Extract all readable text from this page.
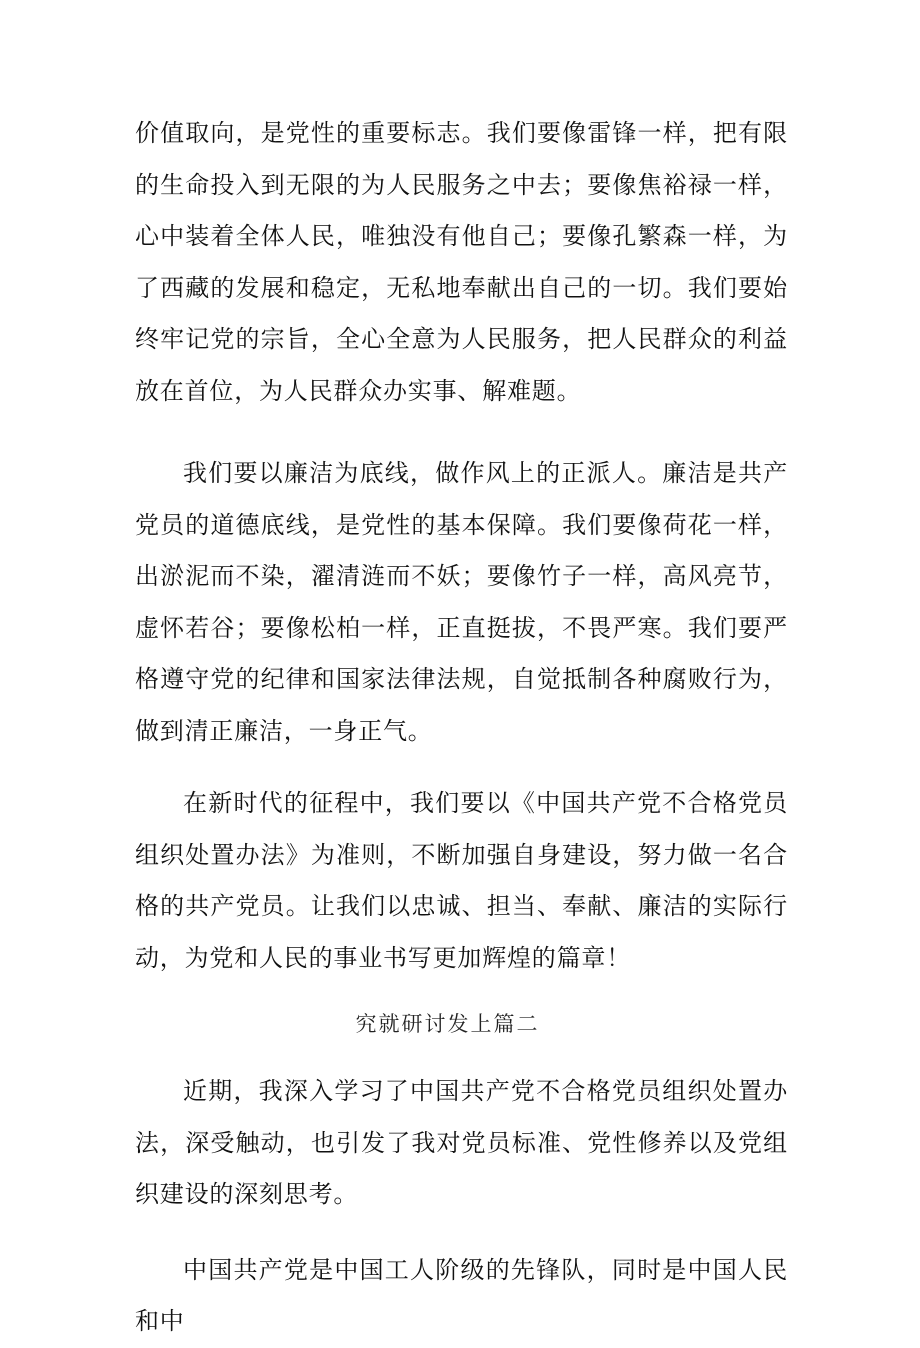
价值取向，是党性的重要标志。我们要像雷锋一样，把有限的生命投入到无限的为人民服务之中去；要像焦裕禄一样，心中装着全体人民，唯独没有他自己；要像孔繁森一样，为了西藏的发展和稳定，无私地奉献出自己的一切。我们要始终牢记党的宗旨，全心全意为人民服务，把人民群众的利益放在首位，为人民群众办实事、解难题。

我们要以廉洁为底线，做作风上的正派人。廉洁是共产党员的道德底线，是党性的基本保障。我们要像荷花一样，出淤泥而不染，濯清涟而不妖；要像竹子一样，高风亮节，虚怀若谷；要像松柏一样，正直挺拔，不畏严寒。我们要严格遵守党的纪律和国家法律法规，自觉抵制各种腐败行为，做到清正廉洁，一身正气。

在新时代的征程中，我们要以《中国共产党不合格党员组织处置办法》为准则，不断加强自身建设，努力做一名合格的共产党员。让我们以忠诚、担当、奉献、廉洁的实际行动，为党和人民的事业书写更加辉煌的篇章！

究就研讨发上篇二

近期，我深入学习了中国共产党不合格党员组织处置办法，深受触动，也引发了我对党员标准、党性修养以及党组织建设的深刻思考。

中国共产党是中国工人阶级的先锋队，同时是中国人民和中
